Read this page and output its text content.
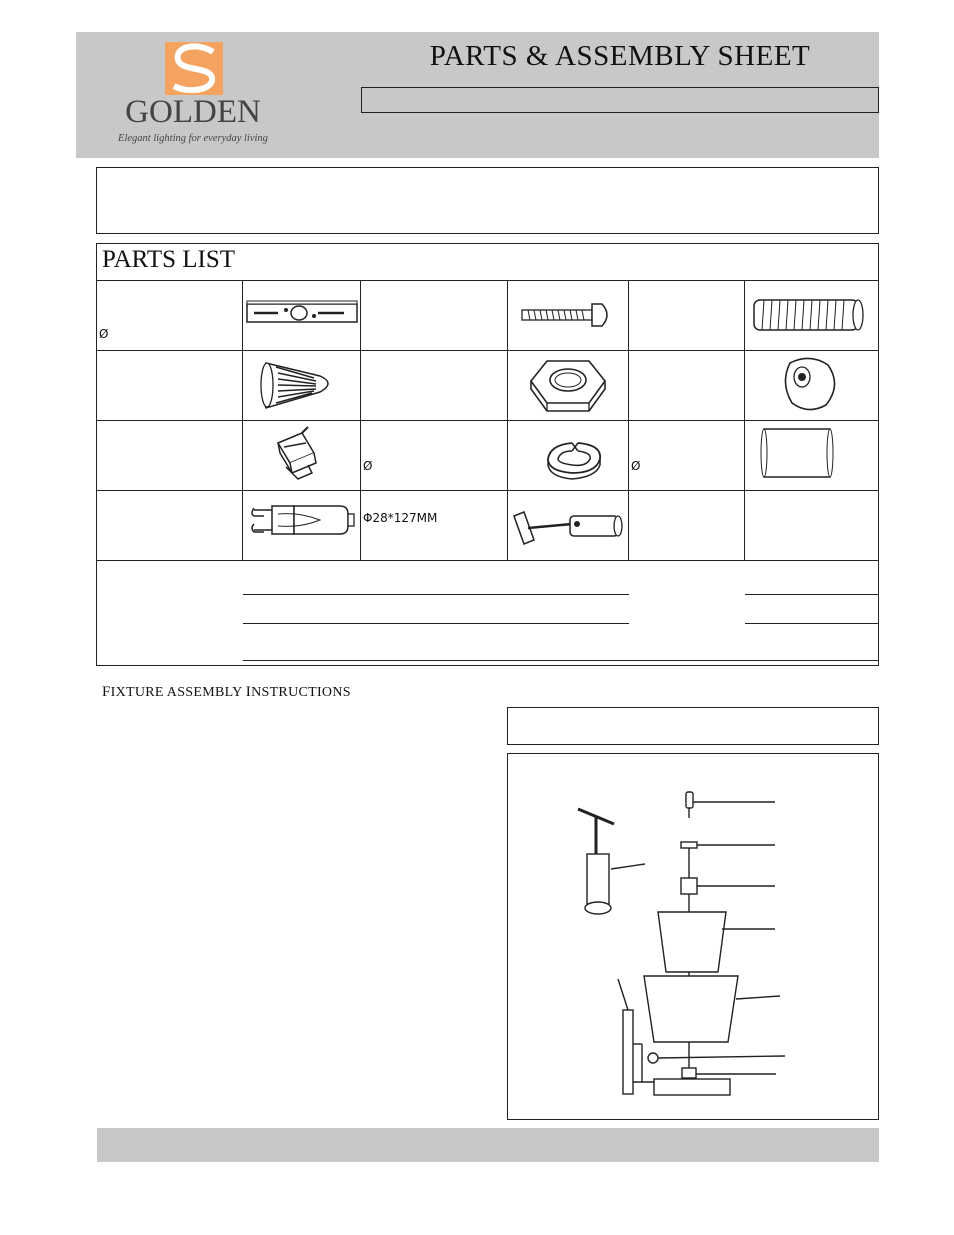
GOLDEN
Elegant lighting for everyday living
PARTS & ASSEMBLY SHEET
PARTS LIST
Ø
Ø	Ø
Φ28*127MM
FIXTURE ASSEMBLY INSTRUCTIONS
